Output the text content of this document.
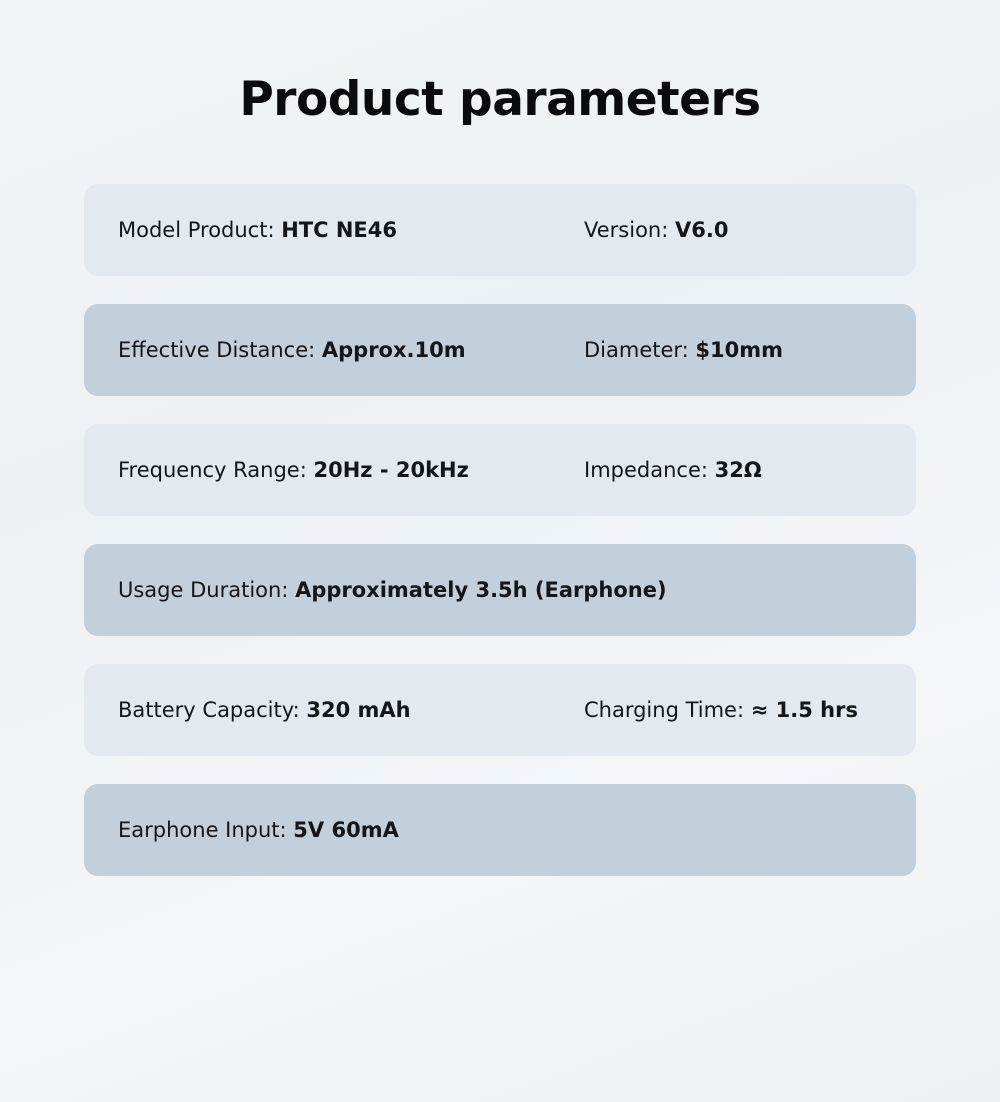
Product parameters
Model Product: HTC NE46	Version: V6.0
Effective Distance: Approx.10m	Diameter: $10mm
Frequency Range: 20Hz - 20kHz	Impedance: 32Ω
Usage Duration: Approximately 3.5h (Earphone)
Battery Capacity: 320 mAh	Charging Time: ≈ 1.5 hrs
Earphone Input: 5V 60mA
